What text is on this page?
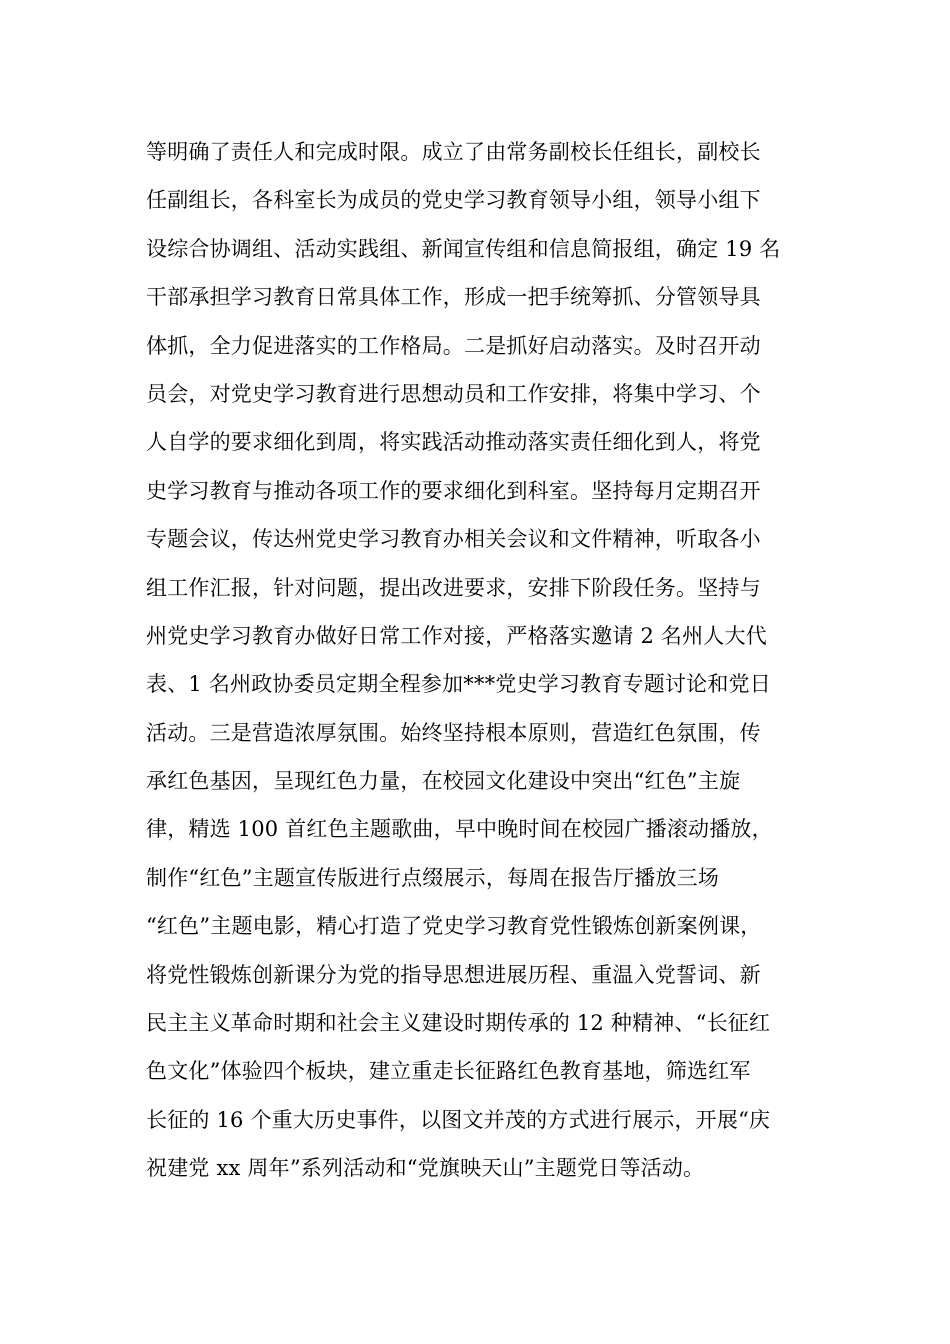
等明确了责任人和完成时限。成立了由常务副校长任组长，副校长
任副组长，各科室长为成员的党史学习教育领导小组，领导小组下
设综合协调组、活动实践组、新闻宣传组和信息简报组，确定 19 名
干部承担学习教育日常具体工作，形成一把手统筹抓、分管领导具
体抓，全力促进落实的工作格局。二是抓好启动落实。及时召开动
员会，对党史学习教育进行思想动员和工作安排，将集中学习、个
人自学的要求细化到周，将实践活动推动落实责任细化到人，将党
史学习教育与推动各项工作的要求细化到科室。坚持每月定期召开
专题会议，传达州党史学习教育办相关会议和文件精神，听取各小
组工作汇报，针对问题，提出改进要求，安排下阶段任务。坚持与
州党史学习教育办做好日常工作对接，严格落实邀请 2 名州人大代
表、1 名州政协委员定期全程参加***党史学习教育专题讨论和党日
活动。三是营造浓厚氛围。始终坚持根本原则，营造红色氛围，传
承红色基因，呈现红色力量，在校园文化建设中突出“红色”主旋
律，精选 100 首红色主题歌曲，早中晚时间在校园广播滚动播放，
制作“红色”主题宣传版进行点缀展示，每周在报告厅播放三场
“红色”主题电影，精心打造了党史学习教育党性锻炼创新案例课，
将党性锻炼创新课分为党的指导思想进展历程、重温入党誓词、新
民主主义革命时期和社会主义建设时期传承的 12 种精神、“长征红
色文化”体验四个板块，建立重走长征路红色教育基地，筛选红军
长征的 16 个重大历史事件，以图文并茂的方式进行展示，开展“庆
祝建党 xx 周年”系列活动和“党旗映天山”主题党日等活动。
